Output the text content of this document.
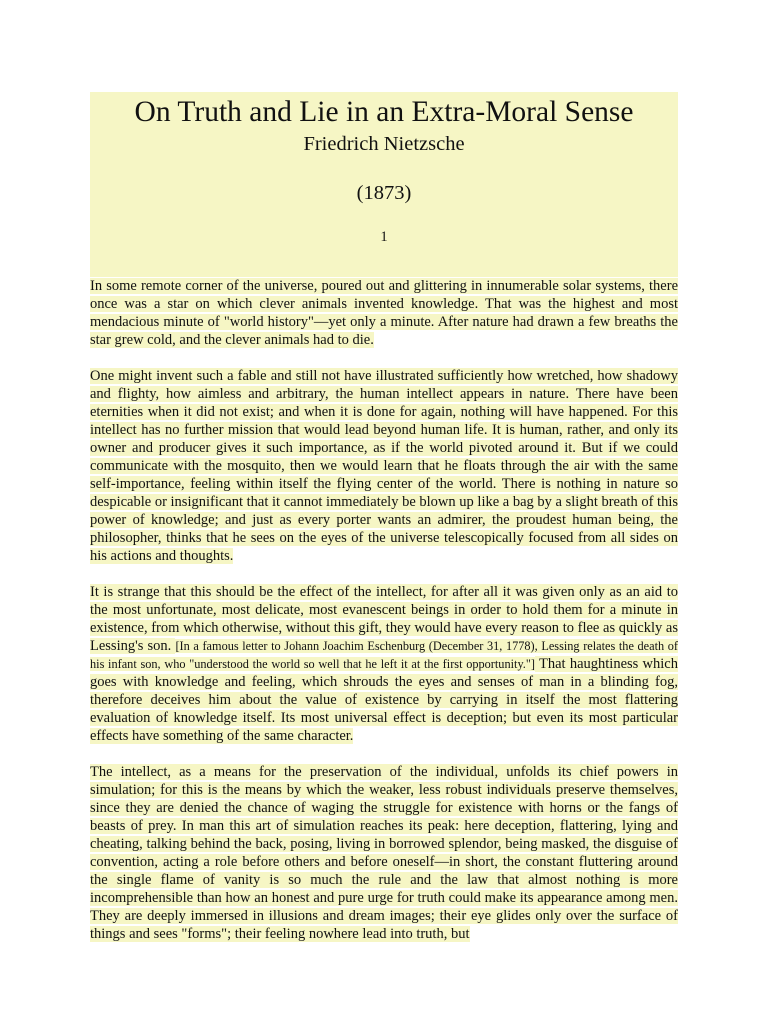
On Truth and Lie in an Extra-Moral Sense
Friedrich Nietzsche
(1873)
1

In some remote corner of the universe, poured out and glittering in innumerable solar systems, there once was a star on which clever animals invented knowledge. That was the highest and most mendacious minute of "world history"—yet only a minute. After nature had drawn a few breaths the star grew cold, and the clever animals had to die.

One might invent such a fable and still not have illustrated sufficiently how wretched, how shadowy and flighty, how aimless and arbitrary, the human intellect appears in nature. There have been eternities when it did not exist; and when it is done for again, nothing will have happened. For this intellect has no further mission that would lead beyond human life. It is human, rather, and only its owner and producer gives it such importance, as if the world pivoted around it. But if we could communicate with the mosquito, then we would learn that he floats through the air with the same self-importance, feeling within itself the flying center of the world. There is nothing in nature so despicable or insignificant that it cannot immediately be blown up like a bag by a slight breath of this power of knowledge; and just as every porter wants an admirer, the proudest human being, the philosopher, thinks that he sees on the eyes of the universe telescopically focused from all sides on his actions and thoughts.

It is strange that this should be the effect of the intellect, for after all it was given only as an aid to the most unfortunate, most delicate, most evanescent beings in order to hold them for a minute in existence, from which otherwise, without this gift, they would have every reason to flee as quickly as Lessing's son. [In a famous letter to Johann Joachim Eschenburg (December 31, 1778), Lessing relates the death of his infant son, who "understood the world so well that he left it at the first opportunity."] That haughtiness which goes with knowledge and feeling, which shrouds the eyes and senses of man in a blinding fog, therefore deceives him about the value of existence by carrying in itself the most flattering evaluation of knowledge itself. Its most universal effect is deception; but even its most particular effects have something of the same character.

The intellect, as a means for the preservation of the individual, unfolds its chief powers in simulation; for this is the means by which the weaker, less robust individuals preserve themselves, since they are denied the chance of waging the struggle for existence with horns or the fangs of beasts of prey. In man this art of simulation reaches its peak: here deception, flattering, lying and cheating, talking behind the back, posing, living in borrowed splendor, being masked, the disguise of convention, acting a role before others and before oneself—in short, the constant fluttering around the single flame of vanity is so much the rule and the law that almost nothing is more incomprehensible than how an honest and pure urge for truth could make its appearance among men. They are deeply immersed in illusions and dream images; their eye glides only over the surface of things and sees "forms"; their feeling nowhere lead into truth, but
